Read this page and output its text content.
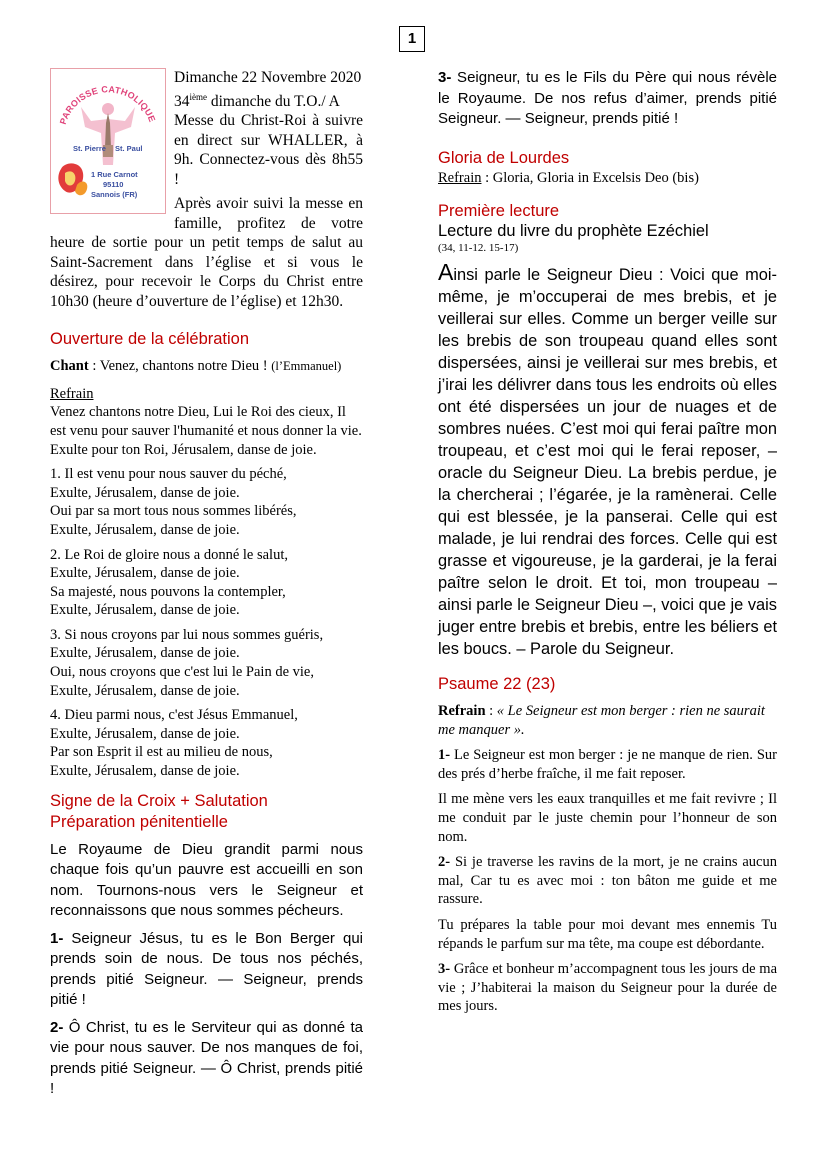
1
PAROISSE CATHOLIQUE
St. Pierre St. Paul
1 Rue Carnot
95110
Sannois (FR)

Dimanche 22 Novembre 2020

34ième dimanche du T.O./ A

Messe du Christ-Roi à suivre en direct sur WHALLER, à 9h. Connectez-vous dès 8h55 !

Après avoir suivi la messe en famille, profitez de votre heure de sortie pour un petit temps de salut au Saint-Sacrement dans l’église et si vous le désirez, pour recevoir le Corps du Christ entre 10h30 (heure d’ouverture de l’église) et 12h30.

Ouverture de la célébration
Chant : Venez, chantons notre Dieu ! (l’Emmanuel)
Refrain
Venez chantons notre Dieu, Lui le Roi des cieux, Il est venu pour sauver l'humanité et nous donner la vie. Exulte pour ton Roi, Jérusalem, danse de joie.
1. Il est venu pour nous sauver du péché,
Exulte, Jérusalem, danse de joie.
Oui par sa mort tous nous sommes libérés,
Exulte, Jérusalem, danse de joie.
2. Le Roi de gloire nous a donné le salut,
Exulte, Jérusalem, danse de joie.
Sa majesté, nous pouvons la contempler,
Exulte, Jérusalem, danse de joie.
3. Si nous croyons par lui nous sommes guéris,
Exulte, Jérusalem, danse de joie.
Oui, nous croyons que c'est lui le Pain de vie,
Exulte, Jérusalem, danse de joie.
4. Dieu parmi nous, c'est Jésus Emmanuel,
Exulte, Jérusalem, danse de joie.
Par son Esprit il est au milieu de nous,
Exulte, Jérusalem, danse de joie.
Signe de la Croix + Salutation
Préparation pénitentielle
Le Royaume de Dieu grandit parmi nous chaque fois qu’un pauvre est accueilli en son nom. Tournons-nous vers le Seigneur et reconnaissons que nous sommes pécheurs.
1- Seigneur Jésus, tu es le Bon Berger qui prends soin de nous. De tous nos péchés, prends pitié Seigneur. — Seigneur, prends pitié !
2- Ô Christ, tu es le Serviteur qui as donné ta vie pour nous sauver. De nos manques de foi, prends pitié Seigneur. — Ô Christ, prends pitié !
3- Seigneur, tu es le Fils du Père qui nous révèle le Royaume. De nos refus d’aimer, prends pitié Seigneur. — Seigneur, prends pitié !
Gloria de Lourdes
Refrain : Gloria, Gloria in Excelsis Deo (bis)
Première lecture
Lecture du livre du prophète Ezéchiel
(34, 11-12. 15-17)
Ainsi parle le Seigneur Dieu : Voici que moi-même, je m’occuperai de mes brebis, et je veillerai sur elles. Comme un berger veille sur les brebis de son troupeau quand elles sont dispersées, ainsi je veillerai sur mes brebis, et j’irai les délivrer dans tous les endroits où elles ont été dispersées un jour de nuages et de sombres nuées. C’est moi qui ferai paître mon troupeau, et c’est moi qui le ferai reposer, – oracle du Seigneur Dieu. La brebis perdue, je la chercherai ; l’égarée, je la ramènerai. Celle qui est blessée, je la panserai. Celle qui est malade, je lui rendrai des forces. Celle qui est grasse et vigoureuse, je la garderai, je la ferai paître selon le droit. Et toi, mon troupeau – ainsi parle le Seigneur Dieu –, voici que je vais juger entre brebis et brebis, entre les béliers et les boucs. – Parole du Seigneur.
Psaume 22 (23)
Refrain : « Le Seigneur est mon berger : rien ne saurait me manquer ».
1- Le Seigneur est mon berger : je ne manque de rien. Sur des prés d’herbe fraîche, il me fait reposer.
Il me mène vers les eaux tranquilles et me fait revivre ; Il me conduit par le juste chemin pour l’honneur de son nom.
2- Si je traverse les ravins de la mort, je ne crains aucun mal, Car tu es avec moi : ton bâton me guide et me rassure.
Tu prépares la table pour moi devant mes ennemis Tu répands le parfum sur ma tête, ma coupe est débordante.
3- Grâce et bonheur m’accompagnent tous les jours de ma vie ; J’habiterai la maison du Seigneur pour la durée de mes jours.
